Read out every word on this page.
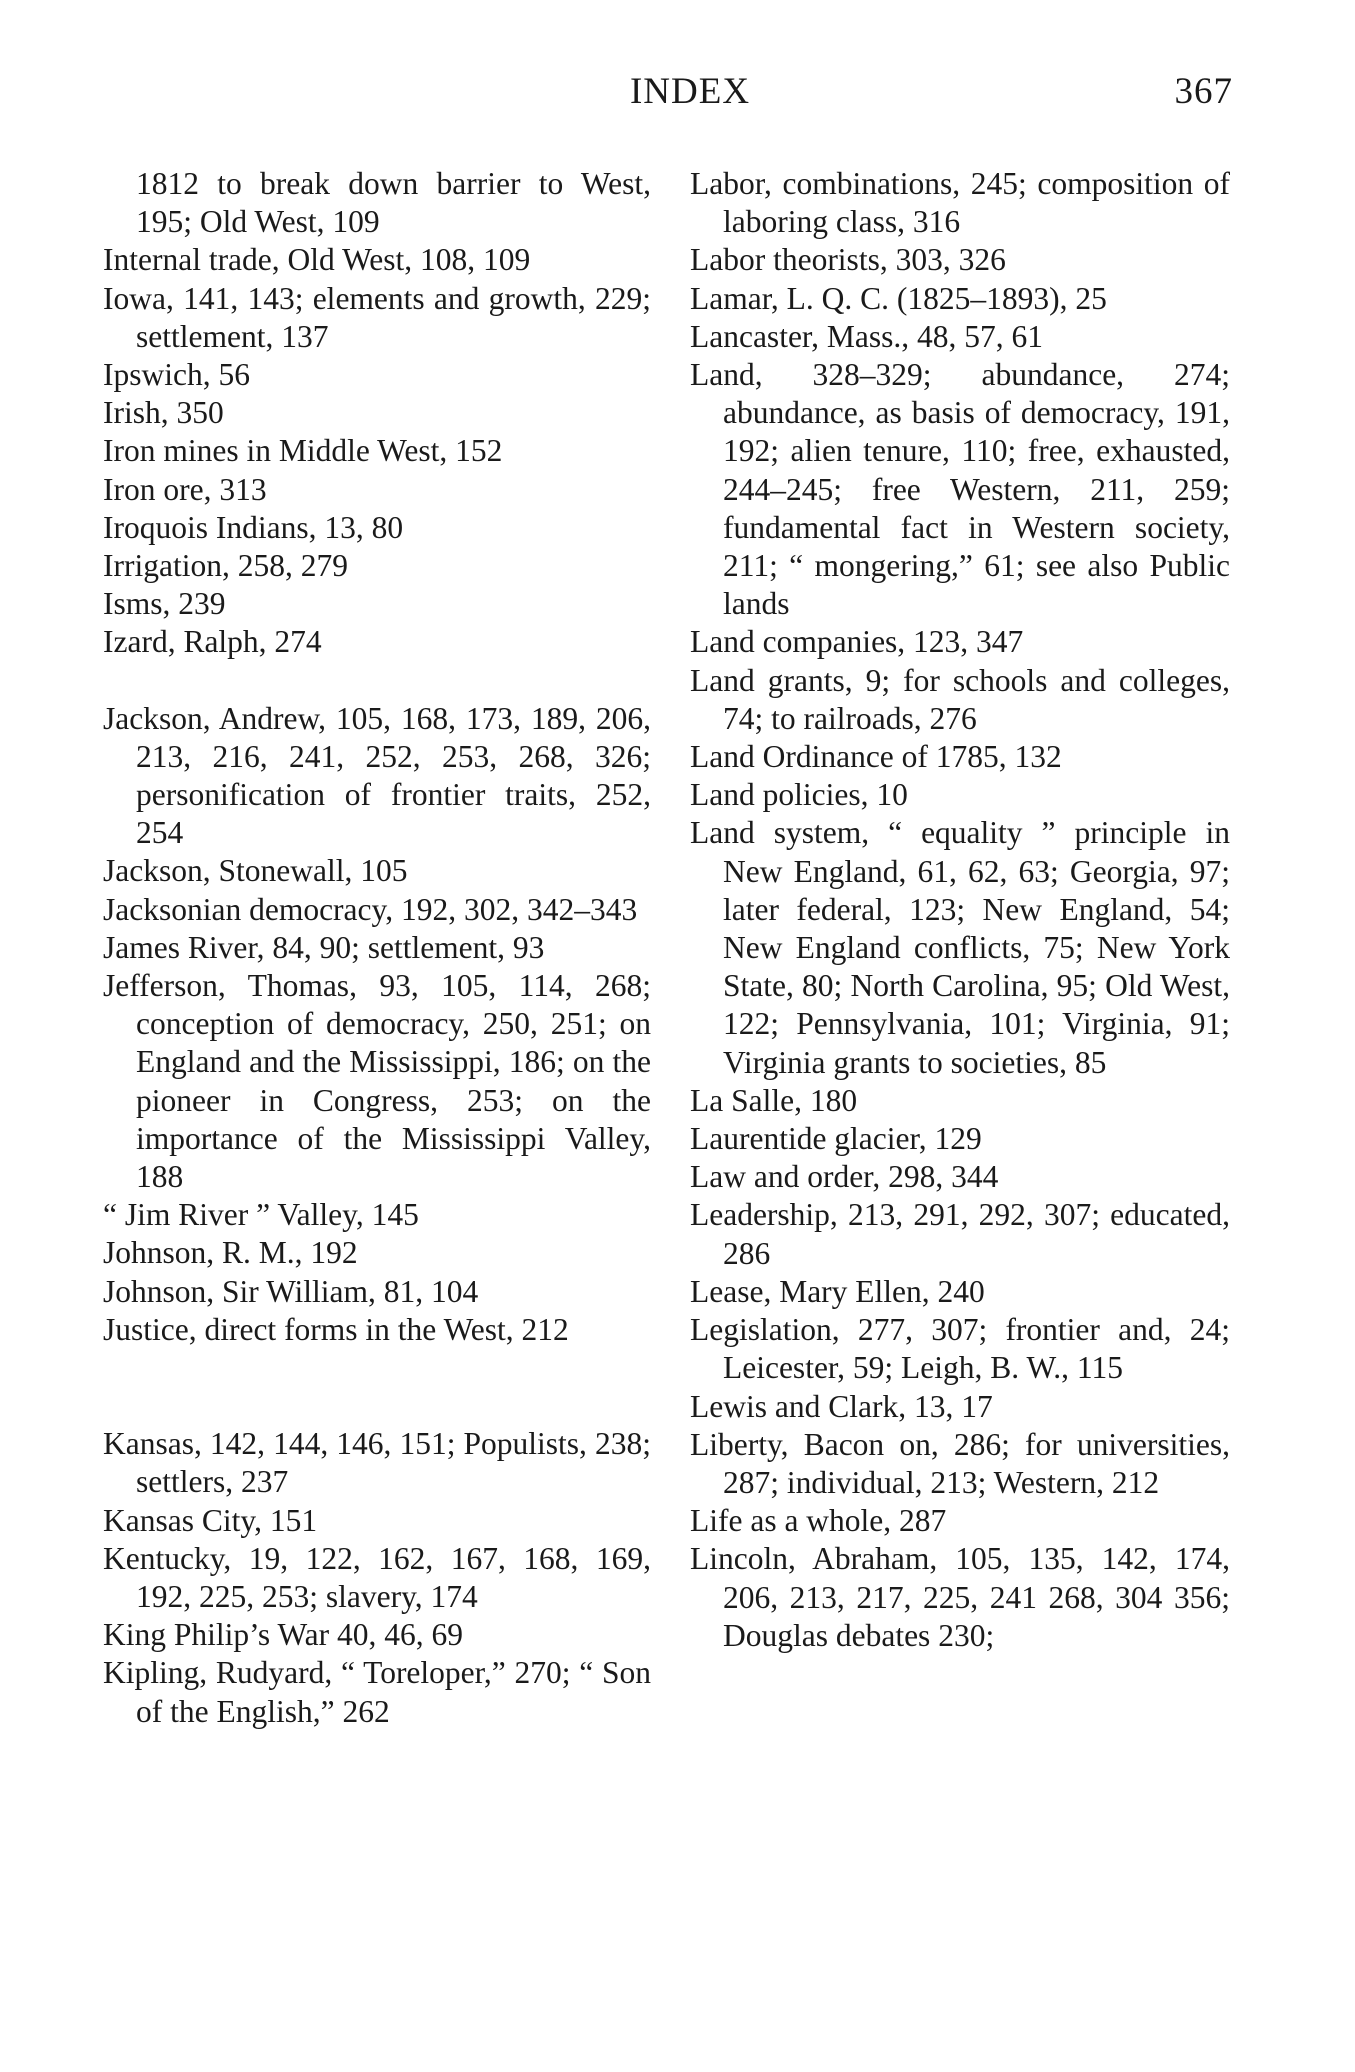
INDEX	367

1812 to break down barrier to West, 195; Old West, 109

Internal trade, Old West, 108, 109

Iowa, 141, 143; elements and growth, 229; settlement, 137

Ipswich, 56

Irish, 350

Iron mines in Middle West, 152

Iron ore, 313

Iroquois Indians, 13, 80

Irrigation, 258, 279

Isms, 239

Izard, Ralph, 274

Jackson, Andrew, 105, 168, 173, 189, 206, 213, 216, 241, 252, 253, 268, 326; personification of frontier traits, 252, 254

Jackson, Stonewall, 105

Jacksonian democracy, 192, 302, 342–343

James River, 84, 90; settlement, 93

Jefferson, Thomas, 93, 105, 114, 268; conception of democracy, 250, 251; on England and the Mississippi, 186; on the pioneer in Congress, 253; on the importance of the Mississippi Valley, 188

“ Jim River ” Valley, 145

Johnson, R. M., 192

Johnson, Sir William, 81, 104

Justice, direct forms in the West, 212

Kansas, 142, 144, 146, 151; Populists, 238; settlers, 237

Kansas City, 151

Kentucky, 19, 122, 162, 167, 168, 169, 192, 225, 253; slavery, 174

King Philip’s War 40, 46, 69

Kipling, Rudyard, “ Toreloper,” 270; “ Son of the English,” 262

Labor, combinations, 245; composition of laboring class, 316

Labor theorists, 303, 326

Lamar, L. Q. C. (1825–1893), 25

Lancaster, Mass., 48, 57, 61

Land, 328–329; abundance, 274; abundance, as basis of democracy, 191, 192; alien tenure, 110; free, exhausted, 244–245; free Western, 211, 259; fundamental fact in Western society, 211; “ mongering,” 61; see also Public lands

Land companies, 123, 347

Land grants, 9; for schools and colleges, 74; to railroads, 276

Land Ordinance of 1785, 132

Land policies, 10

Land system, “ equality ” principle in New England, 61, 62, 63; Georgia, 97; later federal, 123; New England, 54; New England conflicts, 75; New York State, 80; North Carolina, 95; Old West, 122; Pennsylvania, 101; Virginia, 91; Virginia grants to societies, 85

La Salle, 180

Laurentide glacier, 129

Law and order, 298, 344

Leadership, 213, 291, 292, 307; educated, 286

Lease, Mary Ellen, 240

Legislation, 277, 307; frontier and, 24; Leicester, 59; Leigh, B. W., 115

Lewis and Clark, 13, 17

Liberty, Bacon on, 286; for universities, 287; individual, 213; Western, 212

Life as a whole, 287

Lincoln, Abraham, 105, 135, 142, 174, 206, 213, 217, 225, 241 268, 304 356; Douglas debates 230;
